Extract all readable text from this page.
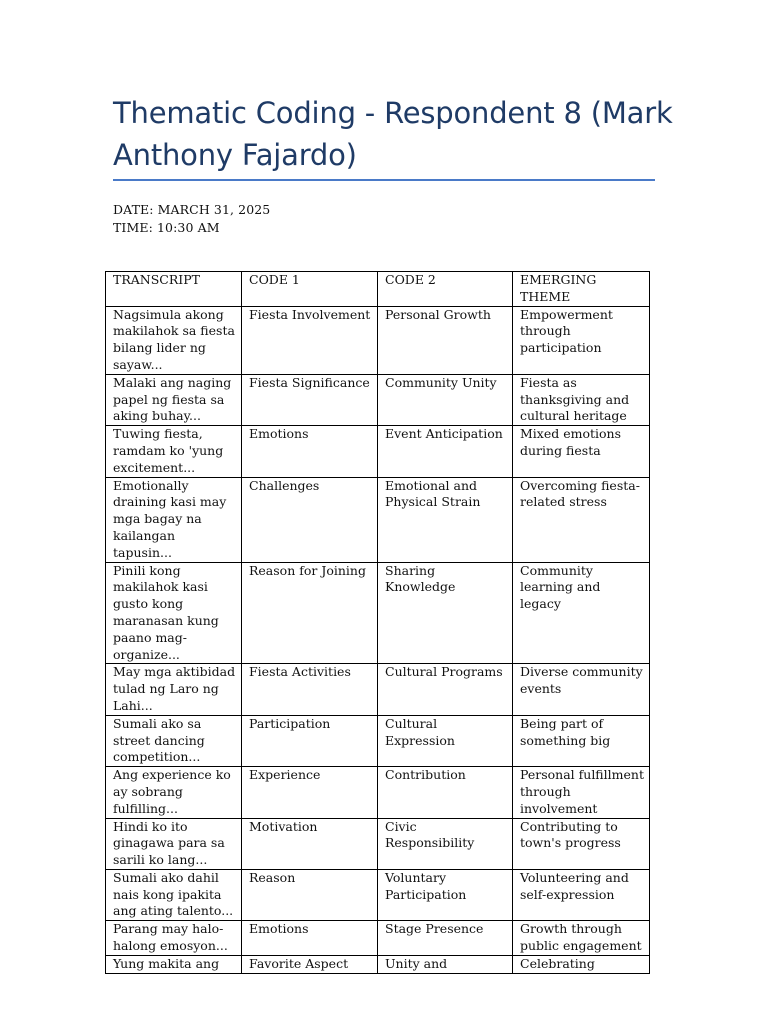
Thematic Coding - Respondent 8 (Mark Anthony Fajardo)
DATE: MARCH 31, 2025
TIME: 10:30 AM
TRANSCRIPT	CODE 1	CODE 2	EMERGING THEME
Nagsimula akong makilahok sa fiesta bilang lider ng sayaw...	Fiesta Involvement	Personal Growth	Empowerment through participation
Malaki ang naging papel ng fiesta sa aking buhay...	Fiesta Significance	Community Unity	Fiesta as thanksgiving and cultural heritage
Tuwing fiesta, ramdam ko 'yung excitement...	Emotions	Event Anticipation	Mixed emotions during fiesta
Emotionally draining kasi may mga bagay na kailangan tapusin...	Challenges	Emotional and Physical Strain	Overcoming fiesta-related stress
Pinili kong makilahok kasi gusto kong maranasan kung paano mag-organize...	Reason for Joining	Sharing Knowledge	Community learning and legacy
May mga aktibidad tulad ng Laro ng Lahi...	Fiesta Activities	Cultural Programs	Diverse community events
Sumali ako sa street dancing competition...	Participation	Cultural Expression	Being part of something big
Ang experience ko ay sobrang fulfilling...	Experience	Contribution	Personal fulfillment through involvement
Hindi ko ito ginagawa para sa sarili ko lang...	Motivation	Civic Responsibility	Contributing to town's progress
Sumali ako dahil nais kong ipakita ang ating talento...	Reason	Voluntary Participation	Volunteering and self-expression
Parang may halo-halong emosyon...	Emotions	Stage Presence	Growth through public engagement
Yung makita ang	Favorite Aspect	Unity and	Celebrating
